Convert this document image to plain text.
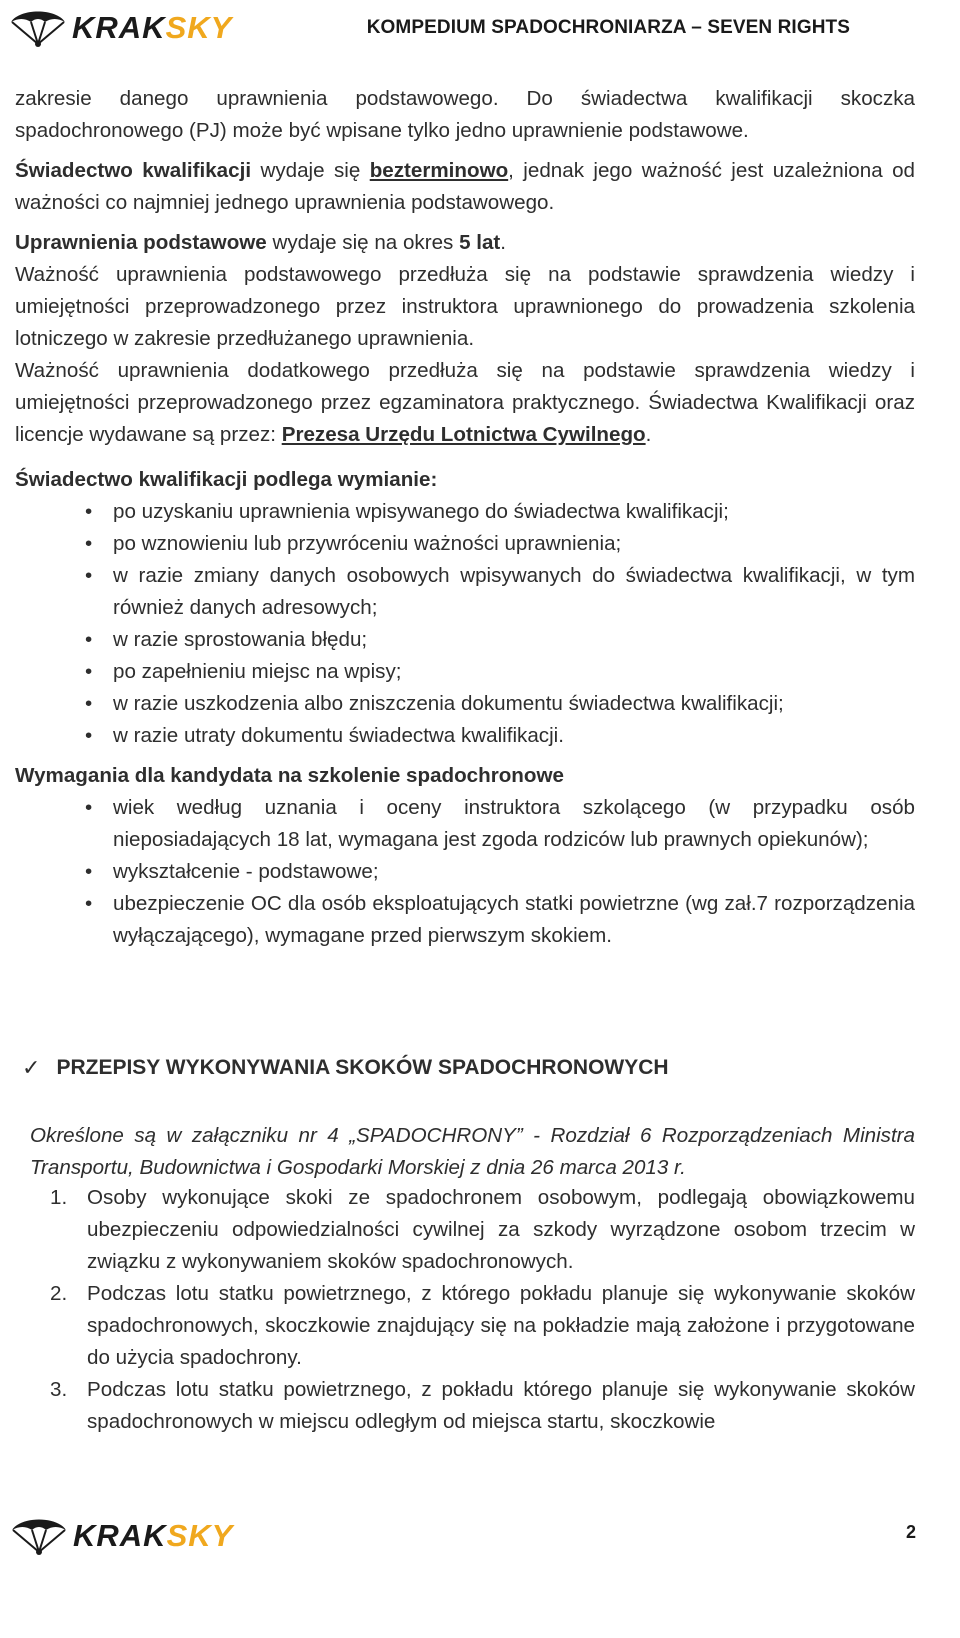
KRAKSKY	KOMPEDIUM SPADOCHRONIARZA – SEVEN RIGHTS

zakresie danego uprawnienia podstawowego. Do świadectwa kwalifikacji skoczka spadochronowego (PJ) może być wpisane tylko jedno uprawnienie podstawowe.

Świadectwo kwalifikacji wydaje się bezterminowo, jednak jego ważność jest uzależniona od ważności co najmniej jednego uprawnienia podstawowego.

Uprawnienia podstawowe wydaje się na okres 5 lat.

Ważność uprawnienia podstawowego przedłuża się na podstawie sprawdzenia wiedzy i umiejętności przeprowadzonego przez instruktora uprawnionego do prowadzenia szkolenia lotniczego w zakresie przedłużanego uprawnienia.

Ważność uprawnienia dodatkowego przedłuża się na podstawie sprawdzenia wiedzy i umiejętności przeprowadzonego przez egzaminatora praktycznego. Świadectwa Kwalifikacji oraz licencje wydawane są przez: Prezesa Urzędu Lotnictwa Cywilnego.

Świadectwo kwalifikacji podlega wymianie:

• po uzyskaniu uprawnienia wpisywanego do świadectwa kwalifikacji;
• po wznowieniu lub przywróceniu ważności uprawnienia;
• w razie zmiany danych osobowych wpisywanych do świadectwa kwalifikacji, w tym również danych adresowych;
• w razie sprostowania błędu;
• po zapełnieniu miejsc na wpisy;
• w razie uszkodzenia albo zniszczenia dokumentu świadectwa kwalifikacji;
• w razie utraty dokumentu świadectwa kwalifikacji.

Wymagania dla kandydata na szkolenie spadochronowe

• wiek według uznania i oceny instruktora szkolącego (w przypadku osób nieposiadających 18 lat, wymagana jest zgoda rodziców lub prawnych opiekunów);
• wykształcenie - podstawowe;
• ubezpieczenie OC dla osób eksploatujących statki powietrzne (wg zał.7 rozporządzenia wyłączającego), wymagane przed pierwszym skokiem.
✓ PRZEPISY WYKONYWANIA SKOKÓW SPADOCHRONOWYCH

Określone są w załączniku nr 4 „SPADOCHRONY” - Rozdział 6 Rozporządzeniach Ministra Transportu, Budownictwa i Gospodarki Morskiej z dnia 26 marca 2013 r.

1. Osoby wykonujące skoki ze spadochronem osobowym, podlegają obowiązkowemu ubezpieczeniu odpowiedzialności cywilnej za szkody wyrządzone osobom trzecim w związku z wykonywaniem skoków spadochronowych.
2. Podczas lotu statku powietrznego, z którego pokładu planuje się wykonywanie skoków spadochronowych, skoczkowie znajdujący się na pokładzie mają założone i przygotowane do użycia spadochrony.
3. Podczas lotu statku powietrznego, z pokładu którego planuje się wykonywanie skoków spadochronowych w miejscu odległym od miejsca startu, skoczkowie
KRAKSKY	2
